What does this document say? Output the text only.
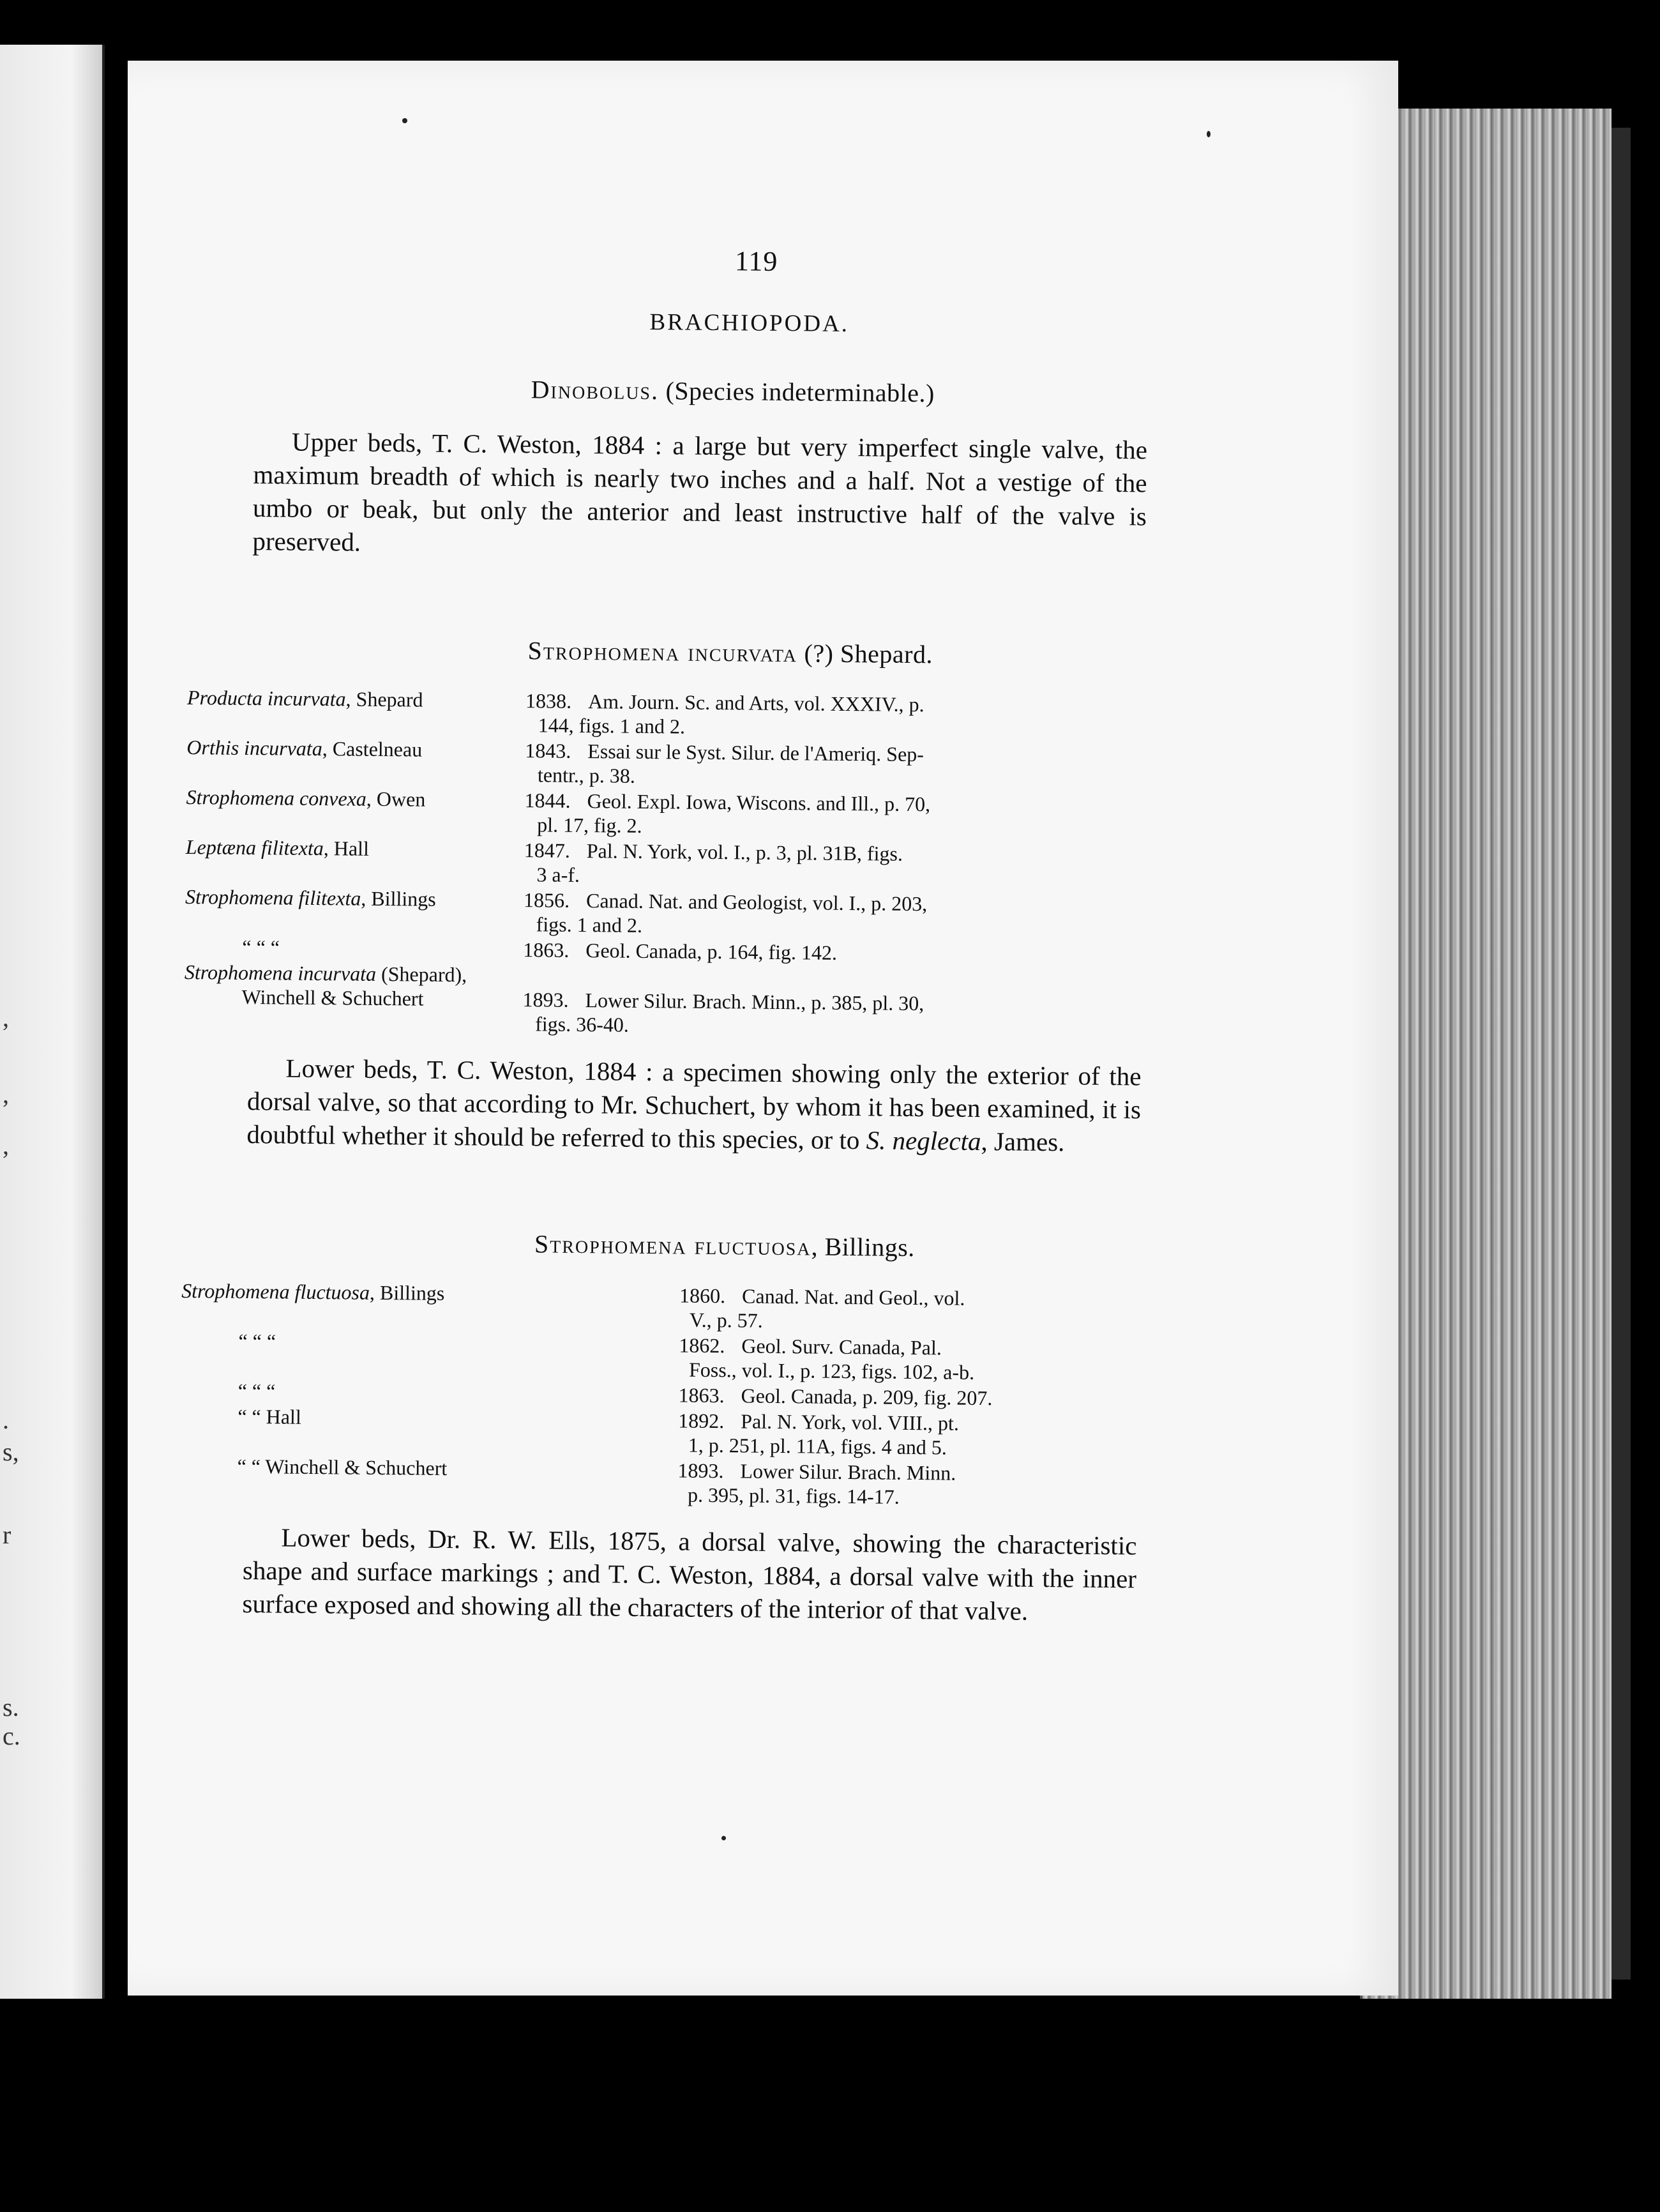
,
,
,
.
s,
r
s.
c.
119
BRACHIOPODA.
Dinobolus. (Species indeterminable.)
Upper beds, T. C. Weston, 1884 : a large but very imperfect single valve, the maximum breadth of which is nearly two inches and a half. Not a vestige of the umbo or beak, but only the anterior and least instructive half of the valve is preserved.
Strophomena incurvata (?) Shepard.
Producta incurvata, Shepard	1838. Am. Journ. Sc. and Arts, vol. XXXIV., p.
144, figs. 1 and 2.
Orthis incurvata, Castelneau	1843. Essai sur le Syst. Silur. de l'Ameriq. Sep-
tentr., p. 38.
Strophomena convexa, Owen	1844. Geol. Expl. Iowa, Wiscons. and Ill., p. 70,
pl. 17, fig. 2.
Leptæna filitexta, Hall	1847. Pal. N. York, vol. I., p. 3, pl. 31B, figs.
3 a-f.
Strophomena filitexta, Billings	1856. Canad. Nat. and Geologist, vol. I., p. 203,
figs. 1 and 2.
“ “ “	1863. Geol. Canada, p. 164, fig. 142.
Strophomena incurvata (Shepard),
Winchell & Schuchert	1893. Lower Silur. Brach. Minn., p. 385, pl. 30,
figs. 36-40.
Lower beds, T. C. Weston, 1884 : a specimen showing only the exterior of the dorsal valve, so that according to Mr. Schuchert, by whom it has been examined, it is doubtful whether it should be referred to this species, or to S. neglecta, James.
Strophomena fluctuosa, Billings.
Strophomena fluctuosa, Billings	1860. Canad. Nat. and Geol., vol.
V., p. 57.
“ “ “	1862. Geol. Surv. Canada, Pal.
Foss., vol. I., p. 123, figs. 102, a-b.
“ “ “	1863. Geol. Canada, p. 209, fig. 207.
“ “ Hall	1892. Pal. N. York, vol. VIII., pt.
1, p. 251, pl. 11A, figs. 4 and 5.
“ “ Winchell & Schuchert	1893. Lower Silur. Brach. Minn.
p. 395, pl. 31, figs. 14-17.
Lower beds, Dr. R. W. Ells, 1875, a dorsal valve, showing the characteristic shape and surface markings ; and T. C. Weston, 1884, a dorsal valve with the inner surface exposed and showing all the characters of the interior of that valve.
